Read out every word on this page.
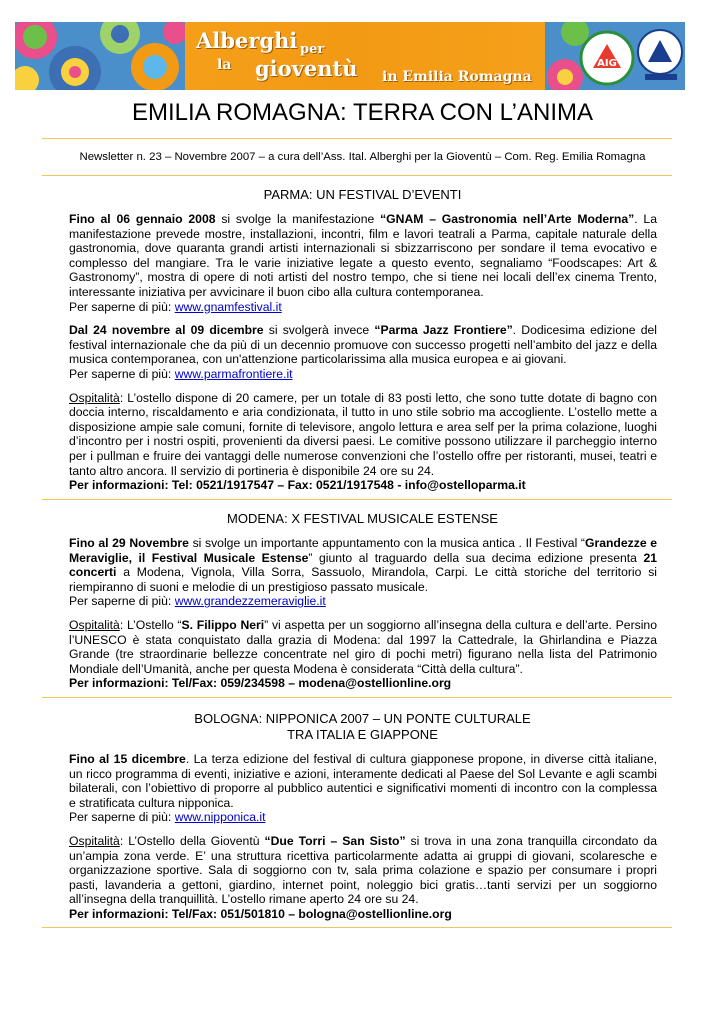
Alberghi per
la gioventù in Emilia Romagna
AIG
EMILIA ROMAGNA: TERRA CON L’ANIMA
Newsletter n. 23 – Novembre 2007 – a cura dell’Ass. Ital. Alberghi per la Gioventù – Com. Reg. Emilia Romagna
PARMA: UN FESTIVAL D’EVENTI

Fino al 06 gennaio 2008 si svolge la manifestazione “GNAM – Gastronomia nell’Arte Moderna”. La manifestazione prevede mostre, installazioni, incontri, film e lavori teatrali a Parma, capitale naturale della gastronomia, dove quaranta grandi artisti internazionali si sbizzarriscono per sondare il tema evocativo e complesso del mangiare. Tra le varie iniziative legate a questo evento, segnaliamo “Foodscapes: Art & Gastronomy”, mostra di opere di noti artisti del nostro tempo, che si tiene nei locali dell’ex cinema Trento, interessante iniziativa per avvicinare il buon cibo alla cultura contemporanea.

Per saperne di più: www.gnamfestival.it

Dal 24 novembre al 09 dicembre si svolgerà invece “Parma Jazz Frontiere”. Dodicesima edizione del festival internazionale che da più di un decennio promuove con successo progetti nell’ambito del jazz e della musica contemporanea, con un'attenzione particolarissima alla musica europea e ai giovani.

Per saperne di più: www.parmafrontiere.it

Ospitalità: L’ostello dispone di 20 camere, per un totale di 83 posti letto, che sono tutte dotate di bagno con doccia interno, riscaldamento e aria condizionata, il tutto in uno stile sobrio ma accogliente. L’ostello mette a disposizione ampie sale comuni, fornite di televisore, angolo lettura e area self per la prima colazione, luoghi d’incontro per i nostri ospiti, provenienti da diversi paesi. Le comitive possono utilizzare il parcheggio interno per i pullman e fruire dei vantaggi delle numerose convenzioni che l’ostello offre per ristoranti, musei, teatri e tanto altro ancora. Il servizio di portineria è disponibile 24 ore su 24.

Per informazioni: Tel: 0521/1917547 – Fax: 0521/1917548 - info@ostelloparma.it

MODENA: X FESTIVAL MUSICALE ESTENSE

Fino al 29 Novembre si svolge un importante appuntamento con la musica antica . Il Festival “Grandezze e Meraviglie, il Festival Musicale Estense” giunto al traguardo della sua decima edizione presenta 21 concerti a Modena, Vignola, Villa Sorra, Sassuolo, Mirandola, Carpi. Le città storiche del territorio si riempiranno di suoni e melodie di un prestigioso passato musicale.

Per saperne di più: www.grandezzemeraviglie.it

Ospitalità: L’Ostello “S. Filippo Neri” vi aspetta per un soggiorno all’insegna della cultura e dell’arte. Persino l’UNESCO è stata conquistato dalla grazia di Modena: dal 1997 la Cattedrale, la Ghirlandina e Piazza Grande (tre straordinarie bellezze concentrate nel giro di pochi metri) figurano nella lista del Patrimonio Mondiale dell’Umanità, anche per questa Modena è considerata “Città della cultura”.

Per informazioni: Tel/Fax: 059/234598 – modena@ostellionline.org

BOLOGNA: NIPPONICA 2007 – UN PONTE CULTURALE
TRA ITALIA E GIAPPONE

Fino al 15 dicembre. La terza edizione del festival di cultura giapponese propone, in diverse città italiane, un ricco programma di eventi, iniziative e azioni, interamente dedicati al Paese del Sol Levante e agli scambi bilaterali, con l’obiettivo di proporre al pubblico autentici e significativi momenti di incontro con la complessa e stratificata cultura nipponica.

Per saperne di più: www.nipponica.it

Ospitalità: L’Ostello della Gioventù “Due Torri – San Sisto” si trova in una zona tranquilla circondato da un’ampia zona verde. E’ una struttura ricettiva particolarmente adatta ai gruppi di giovani, scolaresche e organizzazione sportive. Sala di soggiorno con tv, sala prima colazione e spazio per consumare i propri pasti, lavanderia a gettoni, giardino, internet point, noleggio bici gratis…tanti servizi per un soggiorno all’insegna della tranquillità. L’ostello rimane aperto 24 ore su 24.

Per informazioni: Tel/Fax: 051/501810 – bologna@ostellionline.org
